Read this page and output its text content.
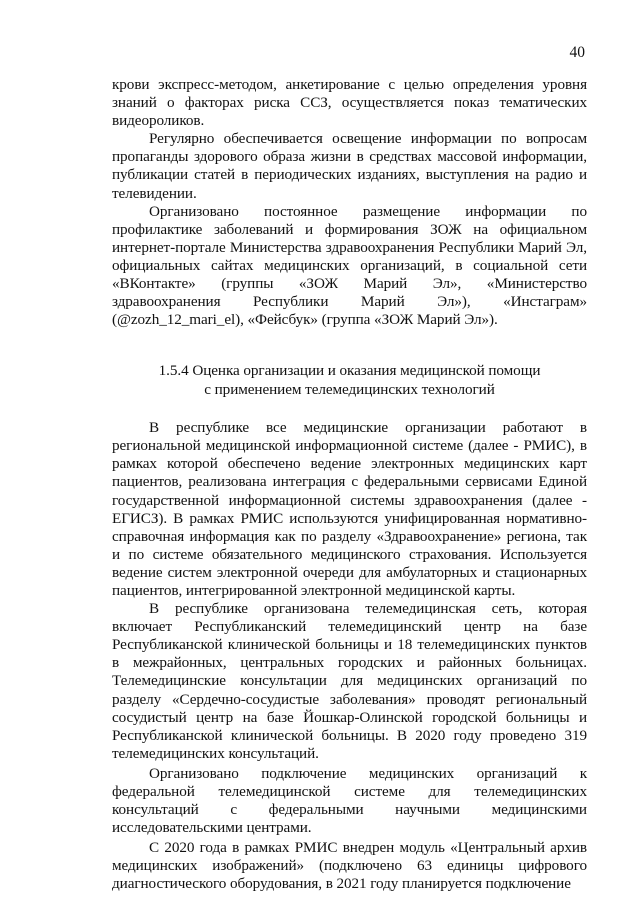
40

крови экспресс-методом, анкетирование с целью определения уровня знаний о факторах риска ССЗ, осуществляется показ тематических видеороликов.

Регулярно обеспечивается освещение информации по вопросам пропаганды здорового образа жизни в средствах массовой информации, публикации статей в периодических изданиях, выступления на радио и телевидении.

Организовано постоянное размещение информации по профилактике заболеваний и формирования ЗОЖ на официальном интернет-портале Министерства здравоохранения Республики Марий Эл, официальных сайтах медицинских организаций, в социальной сети «ВКонтакте» (группы «ЗОЖ Марий Эл», «Министерство здравоохранения Республики Марий Эл»), «Инстаграм» (@zozh_12_mari_el), «Фейсбук» (группа «ЗОЖ Марий Эл»).

1.5.4 Оценка организации и оказания медицинской помощи
с применением телемедицинских технологий

В республике все медицинские организации работают в региональной медицинской информационной системе (далее - РМИС), в рамках которой обеспечено ведение электронных медицинских карт пациентов, реализована интеграция с федеральными сервисами Единой государственной информационной системы здравоохранения (далее - ЕГИСЗ). В рамках РМИС используются унифицированная нормативно-справочная информация как по разделу «Здравоохранение» региона, так и по системе обязательного медицинского страхования. Используется ведение систем электронной очереди для амбулаторных и стационарных пациентов, интегрированной электронной медицинской карты.

В республике организована телемедицинская сеть, которая включает Республиканский телемедицинский центр на базе Республиканской клинической больницы и 18 телемедицинских пунктов в межрайонных, центральных городских и районных больницах. Телемедицинские консультации для медицинских организаций по разделу «Сердечно-сосудистые заболевания» проводят региональный сосудистый центр на базе Йошкар-Олинской городской больницы и Республиканской клинической больницы. В 2020 году проведено 319 телемедицинских консультаций.

Организовано подключение медицинских организаций к федеральной телемедицинской системе для телемедицинских консультаций с федеральными научными медицинскими исследовательскими центрами.

С 2020 года в рамках РМИС внедрен модуль «Центральный архив медицинских изображений» (подключено 63 единицы цифрового диагностического оборудования, в 2021 году планируется подключение
